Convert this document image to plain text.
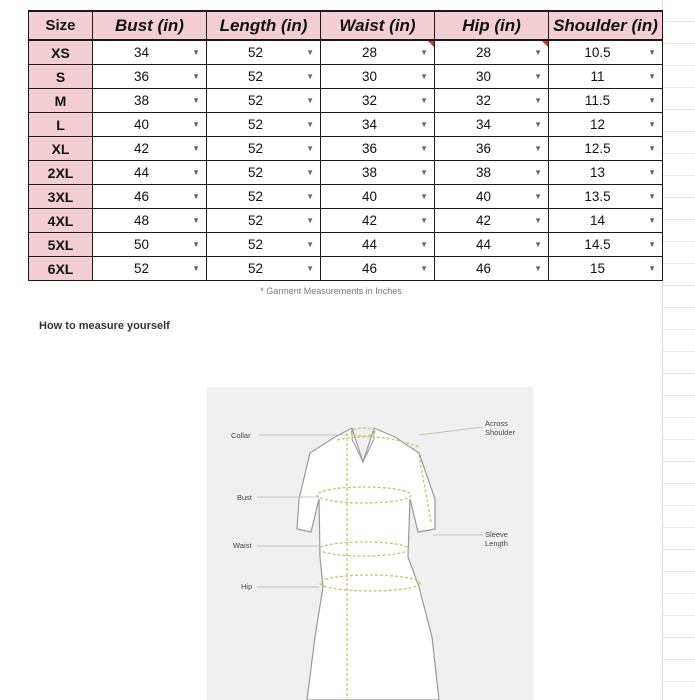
Size	Bust (in)	Length (in)	Waist (in)	Hip (in)	Shoulder (in)
XS	34 ▼	52 ▼	28 ▼	28 ▼	10.5 ▼

S	36 ▼	52 ▼	30 ▼	30 ▼	11 ▼

M	38 ▼	52 ▼	32 ▼	32 ▼	11.5 ▼

L	40 ▼	52 ▼	34 ▼	34 ▼	12 ▼

XL	42 ▼	52 ▼	36 ▼	36 ▼	12.5 ▼

2XL	44 ▼	52 ▼	38 ▼	38 ▼	13 ▼

3XL	46 ▼	52 ▼	40 ▼	40 ▼	13.5 ▼

4XL	48 ▼	52 ▼	42 ▼	42 ▼	14 ▼

5XL	50 ▼	52 ▼	44 ▼	44 ▼	14.5 ▼

6XL	52 ▼	52 ▼	46 ▼	46 ▼	15 ▼
* Garment Measurements in Inches
How to measure yourself
Collar
Across
Shoulder
Bust
Sleeve
Length
Waist
Hip
